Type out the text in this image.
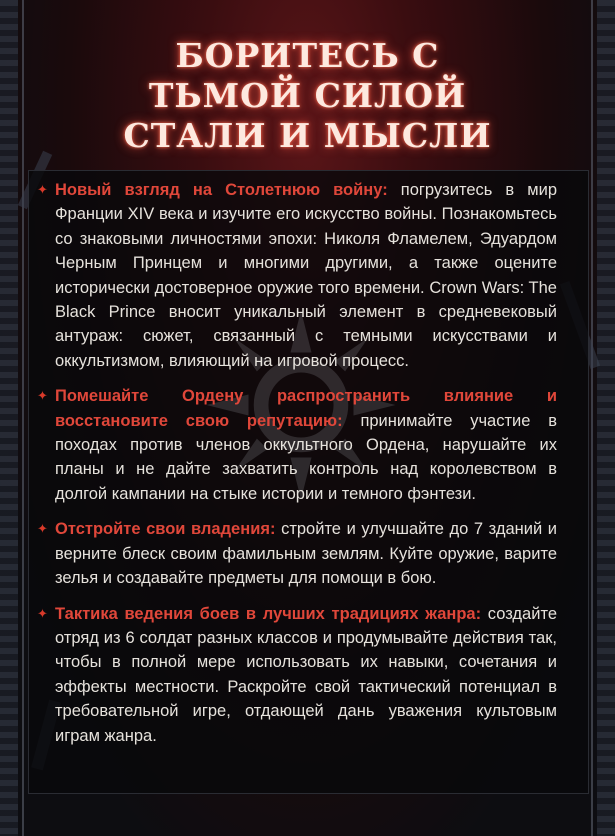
БОРИТЕСЬ С
ТЬМОЙ СИЛОЙ
СТАЛИ И МЫСЛИ
✦ Новый взгляд на Столетнюю войну: погрузитесь в мир Франции XIV века и изучите его искусство войны. Познакомьтесь со знаковыми личностями эпохи: Николя Фламелем, Эдуардом Черным Принцем и многими другими, а также оцените исторически достоверное оружие того времени. Crown Wars: The Black Prince вносит уникальный элемент в средневековый антураж: сюжет, связанный с темными искусствами и оккультизмом, влияющий на игровой процесс.
✦ Помешайте Ордену распространить влияние и восстановите свою репутацию: принимайте участие в походах против членов оккультного Ордена, нарушайте их планы и не дайте захватить контроль над королевством в долгой кампании на стыке истории и темного фэнтези.
✦ Отстройте свои владения: стройте и улучшайте до 7 зданий и верните блеск своим фамильным землям. Куйте оружие, варите зелья и создавайте предметы для помощи в бою.
✦ Тактика ведения боев в лучших традициях жанра: создайте отряд из 6 солдат разных классов и продумывайте действия так, чтобы в полной мере использовать их навыки, сочетания и эффекты местности. Раскройте свой тактический потенциал в требовательной игре, отдающей дань уважения культовым играм жанра.
